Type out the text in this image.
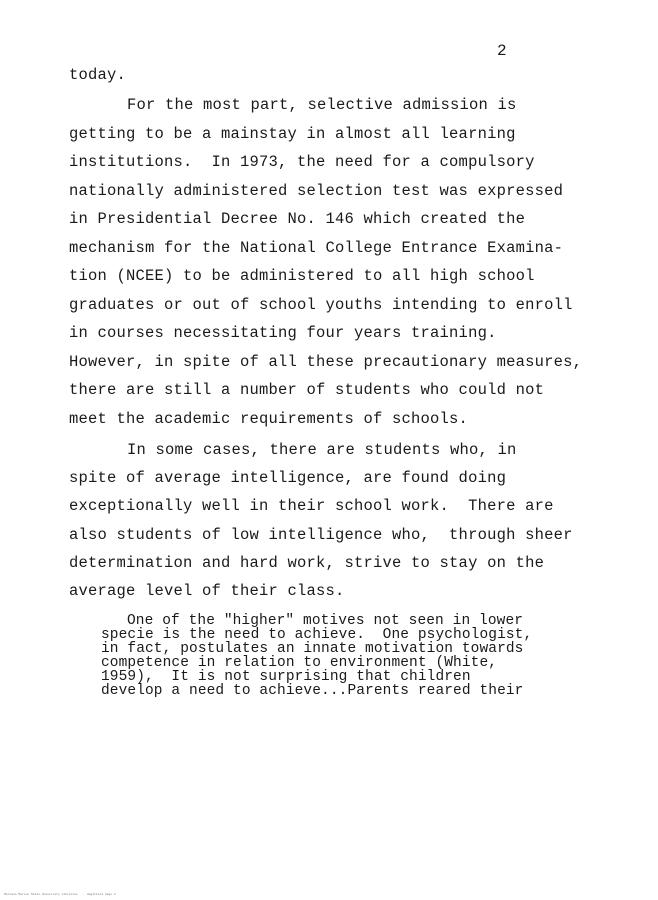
2
today.
For the most part, selective admission is
getting to be a mainstay in almost all learning
institutions.  In 1973, the need for a compulsory
nationally administered selection test was expressed
in Presidential Decree No. 146 which created the
mechanism for the National College Entrance Examina-
tion (NCEE) to be administered to all high school
graduates or out of school youths intending to enroll
in courses necessitating four years training.
However, in spite of all these precautionary measures,
there are still a number of students who could not
meet the academic requirements of schools.
In some cases, there are students who, in
spite of average intelligence, are found doing
exceptionally well in their school work.  There are
also students of low intelligence who,  through sheer
determination and hard work, strive to stay on the
average level of their class.
One of the "higher" motives not seen in lower
specie is the need to achieve.  One psychologist,
in fact, postulates an innate motivation towards
competence in relation to environment (White,
1959),  It is not surprising that children
develop a need to achieve...Parents reared their
Mariano Marcos State University Libraries  ·  digitized page 2
